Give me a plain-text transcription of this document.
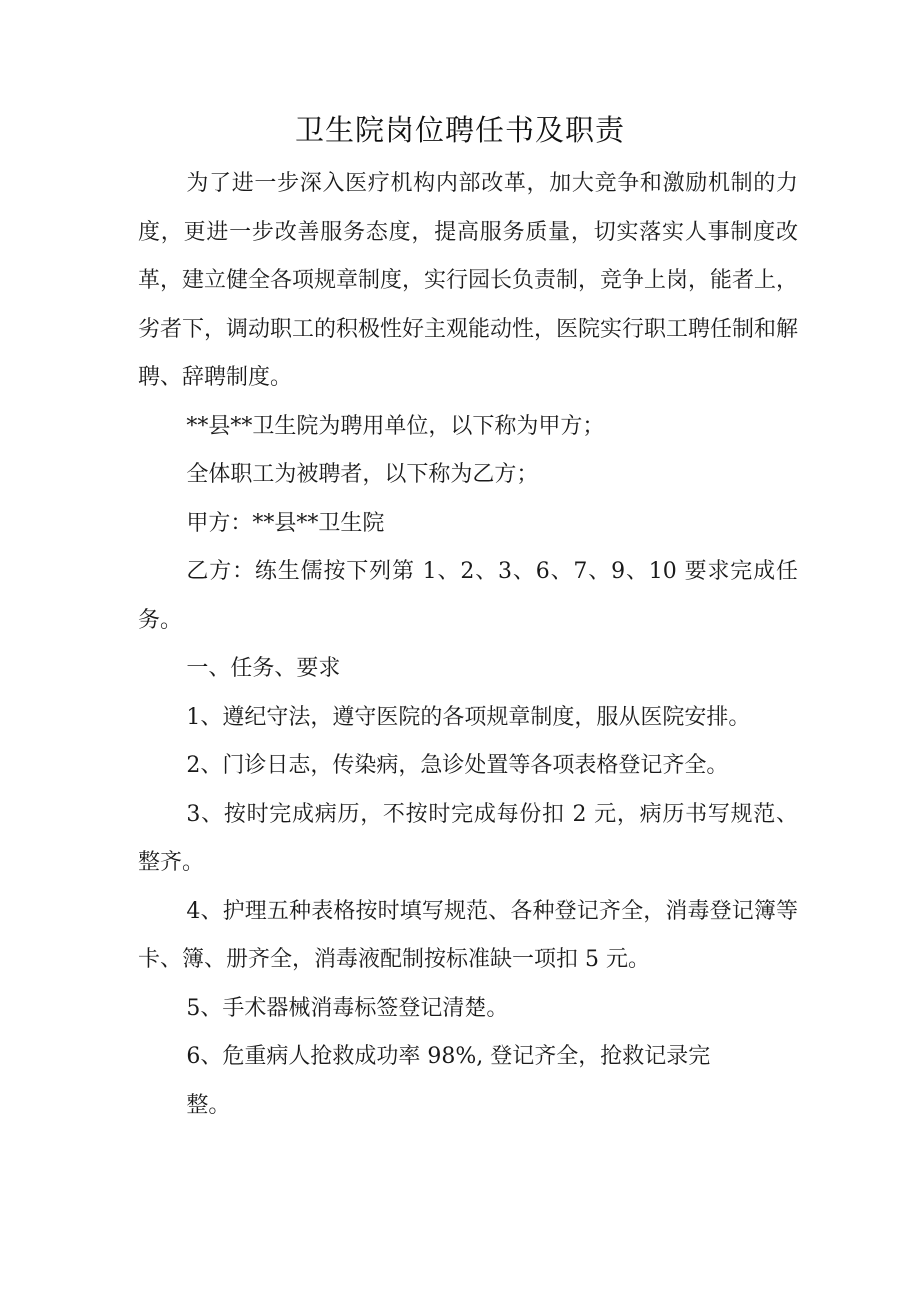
卫生院岗位聘任书及职责

为了进一步深入医疗机构内部改革，加大竞争和激励机制的力度，更进一步改善服务态度，提高服务质量，切实落实人事制度改革，建立健全各项规章制度，实行园长负责制，竞争上岗，能者上，劣者下，调动职工的积极性好主观能动性，医院实行职工聘任制和解聘、辞聘制度。

**县**卫生院为聘用单位，以下称为甲方；

全体职工为被聘者，以下称为乙方；

甲方：**县**卫生院

乙方：练生儒按下列第 1、2、3、6、7、9、10 要求完成任务。

一、任务、要求

1、遵纪守法，遵守医院的各项规章制度，服从医院安排。

2、门诊日志，传染病，急诊处置等各项表格登记齐全。

3、按时完成病历，不按时完成每份扣 2 元，病历书写规范、整齐。

4、护理五种表格按时填写规范、各种登记齐全，消毒登记簿等卡、簿、册齐全，消毒液配制按标准缺一项扣 5 元。

5、手术器械消毒标签登记清楚。

6、危重病人抢救成功率 98%, 登记齐全，抢救记录完

整。
